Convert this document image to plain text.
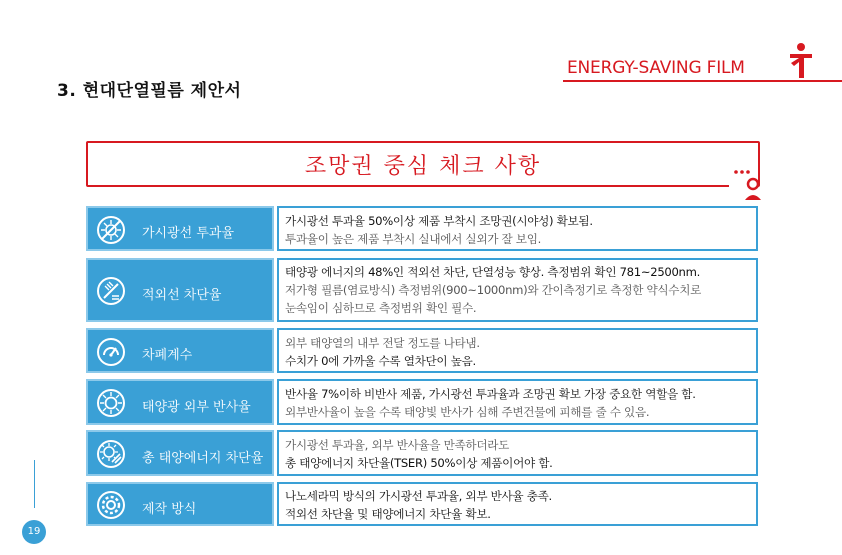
3. 현대단열필름 제안서
ENERGY-SAVING FILM
조망권 중심 체크 사항
가시광선 투과율
가시광선 투과율 50%이상 제품 부착시 조망권(시야성) 확보됨.
투과율이 높은 제품 부착시 실내에서 실외가 잘 보임.
적외선 차단율
태양광 에너지의 48%인 적외선 차단, 단열성능 향상. 측정범위 확인 781~2500nm.
저가형 필름(염료방식) 측정범위(900~1000nm)와 간이측정기로 측정한 약식수치로
눈속임이 심하므로 측정범위 확인 필수.
차폐계수
외부 태양열의 내부 전달 정도를 나타냄.
수치가 0에 가까울 수록 열차단이 높음.
태양광 외부 반사율
반사율 7%이하 비반사 제품, 가시광선 투과율과 조망권 확보 가장 중요한 역할을 함.
외부반사율이 높을 수록 태양빛 반사가 심해 주변건물에 피해를 줄 수 있음.
총 태양에너지 차단율
가시광선 투과율, 외부 반사율을 만족하더라도
총 태양에너지 차단율(TSER) 50%이상 제품이어야 함.
제작 방식
나노세라믹 방식의 가시광선 투과율, 외부 반사율 충족.
적외선 차단율 및 태양에너지 차단율 확보.
19
